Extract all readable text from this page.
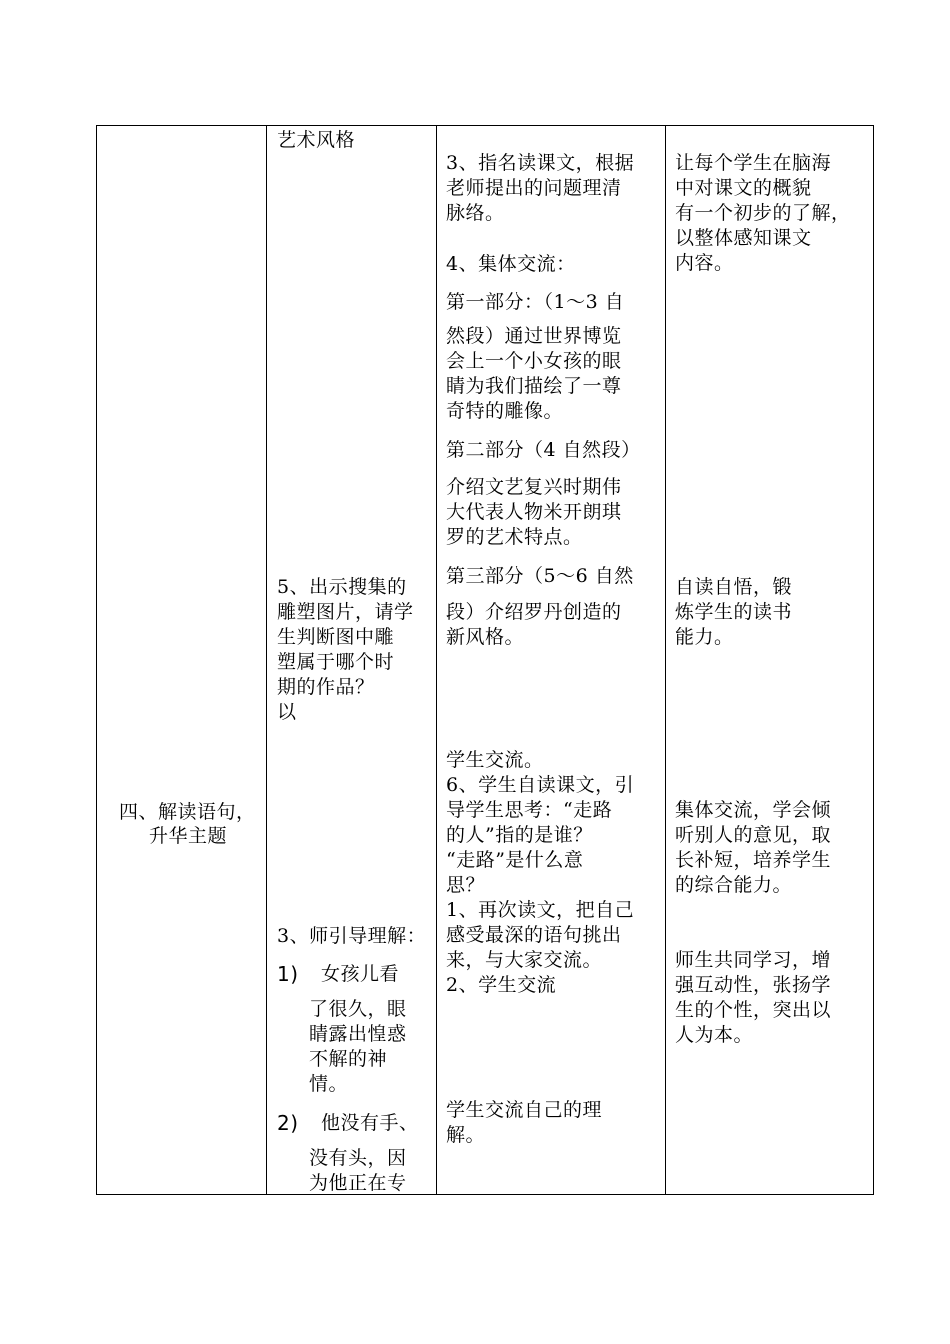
四、解读语句，

升华主题

艺术风格

5、出示搜集的

雕塑图片，请学

生判断图中雕

塑属于哪个时

期的作品？

以

3、师引导理解：

1) 女孩儿看

了很久，眼

睛露出惶惑

不解的神

情。

2) 他没有手、

没有头，因

为他正在专

3、指名读课文，根据

老师提出的问题理清

脉络。

4、集体交流：

第一部分：（1～3 自

然段）通过世界博览

会上一个小女孩的眼

睛为我们描绘了一尊

奇特的雕像。

第二部分（4 自然段）

介绍文艺复兴时期伟

大代表人物米开朗琪

罗的艺术特点。

第三部分（5～6 自然

段）介绍罗丹创造的

新风格。

学生交流。

6、学生自读课文，引

导学生思考：“走路

的人”指的是谁？

“走路”是什么意

思？

1、再次读文，把自己

感受最深的语句挑出

来，与大家交流。

2、学生交流

学生交流自己的理

解。

让每个学生在脑海

中对课文的概貌

有一个初步的了解，

以整体感知课文

内容。

自读自悟，锻

炼学生的读书

能力。

集体交流，学会倾

听别人的意见，取

长补短，培养学生

的综合能力。

师生共同学习，增

强互动性，张扬学

生的个性，突出以

人为本。
